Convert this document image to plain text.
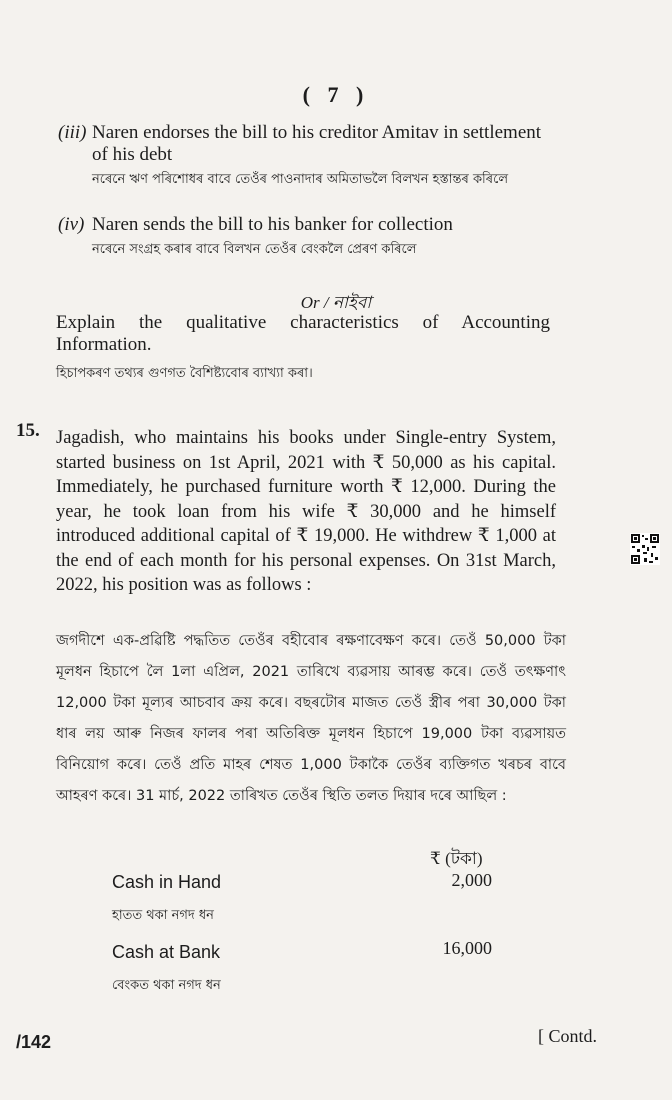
( 7 )
(iii) Naren endorses the bill to his creditor Amitav in settlement of his debt
নৰেনে ঋণ পৰিশোধৰ বাবে তেওঁৰ পাওনাদাৰ অমিতাভলৈ বিলখন হস্তান্তৰ কৰিলে
(iv) Naren sends the bill to his banker for collection
নৰেনে সংগ্ৰহ কৰাৰ বাবে বিলখন তেওঁৰ বেংকলৈ প্ৰেৰণ কৰিলে
Or / নাইবা
Explain the qualitative characteristics of Accounting Information.
হিচাপকৰণ তথ্যৰ গুণগত বৈশিষ্ট্যবোৰ ব্যাখ্যা কৰা।
15. Jagadish, who maintains his books under Single-entry System, started business on 1st April, 2021 with ₹ 50,000 as his capital. Immediately, he purchased furniture worth ₹ 12,000. During the year, he took loan from his wife ₹ 30,000 and he himself introduced additional capital of ₹ 19,000. He withdrew ₹ 1,000 at the end of each month for his personal expenses. On 31st March, 2022, his position was as follows :
জগদীশে এক-প্ৰৱিষ্টি পদ্ধতিত তেওঁৰ বহীবোৰ ৰক্ষণাবেক্ষণ কৰে। তেওঁ 50,000 টকা মূলধন হিচাপে লৈ 1লা এপ্ৰিল, 2021 তাৰিখে ব্যৱসায় আৰম্ভ কৰে। তেওঁ তৎক্ষণাৎ 12,000 টকা মূল্যৰ আচবাব ক্ৰয় কৰে। বছৰটোৰ মাজত তেওঁ স্ত্ৰীৰ পৰা 30,000 টকা ধাৰ লয় আৰু নিজৰ ফালৰ পৰা অতিৰিক্ত মূলধন হিচাপে 19,000 টকা ব্যৱসায়ত বিনিয়োগ কৰে। তেওঁ প্ৰতি মাহৰ শেষত 1,000 টকাকৈ তেওঁৰ ব্যক্তিগত খৰচৰ বাবে আহৰণ কৰে। 31 মাৰ্চ, 2022 তাৰিখত তেওঁৰ স্থিতি তলত দিয়াৰ দৰে আছিল :
₹ (টকা)
Cash in Hand	2,000
হাতত থকা নগদ ধন
Cash at Bank	16,000
বেংকত থকা নগদ ধন
/142	[ Contd.
